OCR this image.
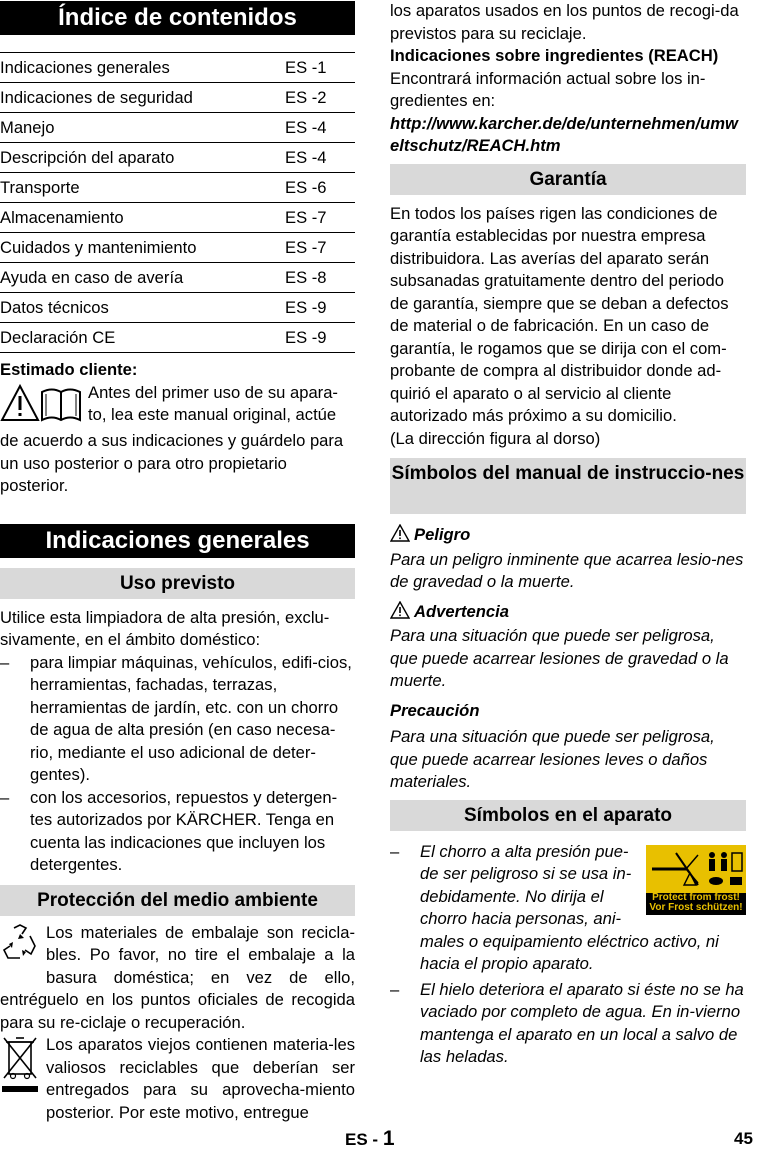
Índice de contenidos
Indicaciones generales	ES -1
Indicaciones de seguridad	ES -2
Manejo	ES -4
Descripción del aparato	ES -4
Transporte	ES -6
Almacenamiento	ES -7
Cuidados y mantenimiento	ES -7
Ayuda en caso de avería	ES -8
Datos técnicos	ES -9
Declaración CE	ES -9

Estimado cliente:

Antes del primer uso de su apara-

to, lea este manual original, actúe

de acuerdo a sus indicaciones y guárdelo para un uso posterior o para otro propietario posterior.

Indicaciones generales
Uso previsto

Utilice esta limpiadora de alta presión, exclu-sivamente, en el ámbito doméstico:

–	para limpiar máquinas, vehículos, edifi-cios, herramientas, fachadas, terrazas, herramientas de jardín, etc. con un chorro de agua de alta presión (en caso necesa-rio, mediante el uso adicional de deter-gentes).
–	con los accesorios, repuestos y detergen-tes autorizados por KÄRCHER. Tenga en cuenta las indicaciones que incluyen los detergentes.
Protección del medio ambiente

Los materiales de embalaje son recicla-bles. Po favor, no tire el embalaje a la basura doméstica; en vez de ello, entréguelo en los puntos oficiales de recogida para su re-ciclaje o recuperación.

Los aparatos viejos contienen materia-les valiosos reciclables que deberían ser entregados para su aprovecha-miento posterior. Por este motivo, entregue

los aparatos usados en los puntos de recogi-da previstos para su reciclaje.

Indicaciones sobre ingredientes (REACH)

Encontrará información actual sobre los in-gredientes en:

http://www.karcher.de/de/unternehmen/umweltschutz/REACH.htm

Garantía

En todos los países rigen las condiciones de garantía establecidas por nuestra empresa distribuidora. Las averías del aparato serán subsanadas gratuitamente dentro del periodo de garantía, siempre que se deban a defectos de material o de fabricación. En un caso de garantía, le rogamos que se dirija con el com-probante de compra al distribuidor donde ad-quirió el aparato o al servicio al cliente autorizado más próximo a su domicilio.

(La dirección figura al dorso)

Símbolos del manual de instruccio-nes

Peligro

Para un peligro inminente que acarrea lesio-nes de gravedad o la muerte.

Advertencia

Para una situación que puede ser peligrosa, que puede acarrear lesiones de gravedad o la muerte.

Precaución

Para una situación que puede ser peligrosa, que puede acarrear lesiones leves o daños materiales.

Símbolos en el aparato
–
Protect from frost!
Vor Frost schützen!
El chorro a alta presión pue-de ser peligroso si se usa in-debidamente. No dirija el chorro hacia personas, ani-males o equipamiento eléctrico activo, ni hacia el propio aparato.
–	El hielo deteriora el aparato si éste no se ha vaciado por completo de agua. En in-vierno mantenga el aparato en un local a salvo de las heladas.
ES - 1	45
